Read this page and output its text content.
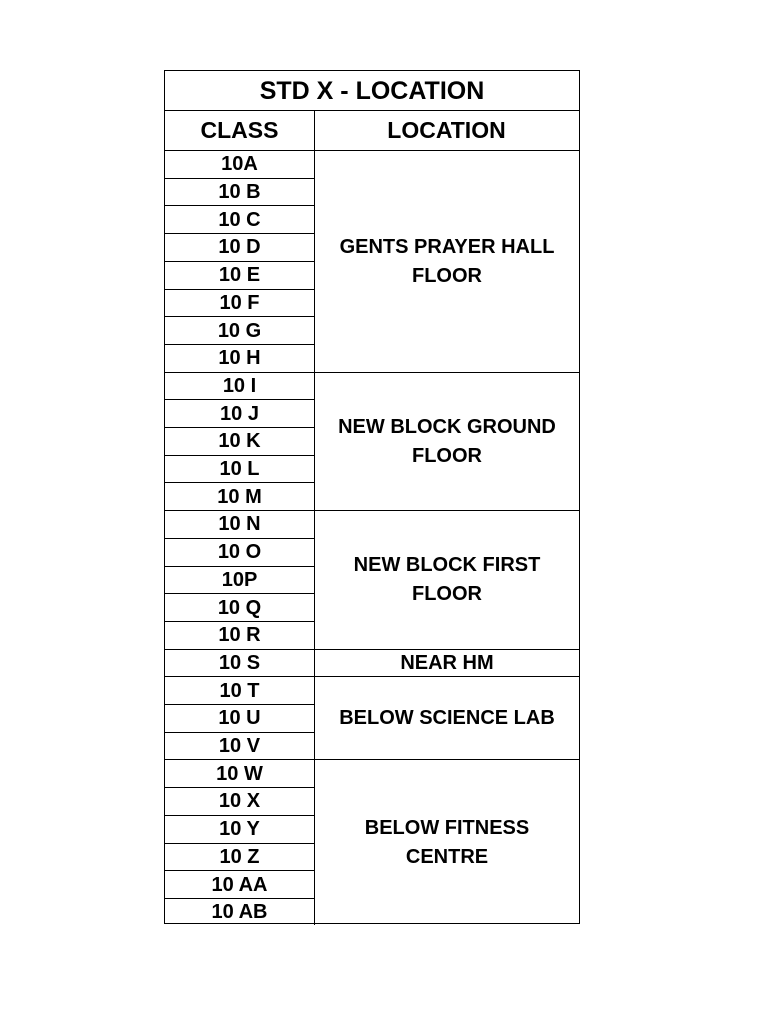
STD X - LOCATION
CLASS	LOCATION
10A
10 B
10 C
10 D
10 E
10 F
10 G
10 H
10 I
10 J
10 K
10 L
10 M
10 N
10 O
10P
10 Q
10 R
10 S
10 T
10 U
10 V
10 W
10 X
10 Y
10 Z
10 AA
10 AB
GENTS PRAYER HALL FLOOR
NEW BLOCK GROUND FLOOR
NEW BLOCK FIRST FLOOR
NEAR HM
BELOW SCIENCE LAB
BELOW FITNESS CENTRE
